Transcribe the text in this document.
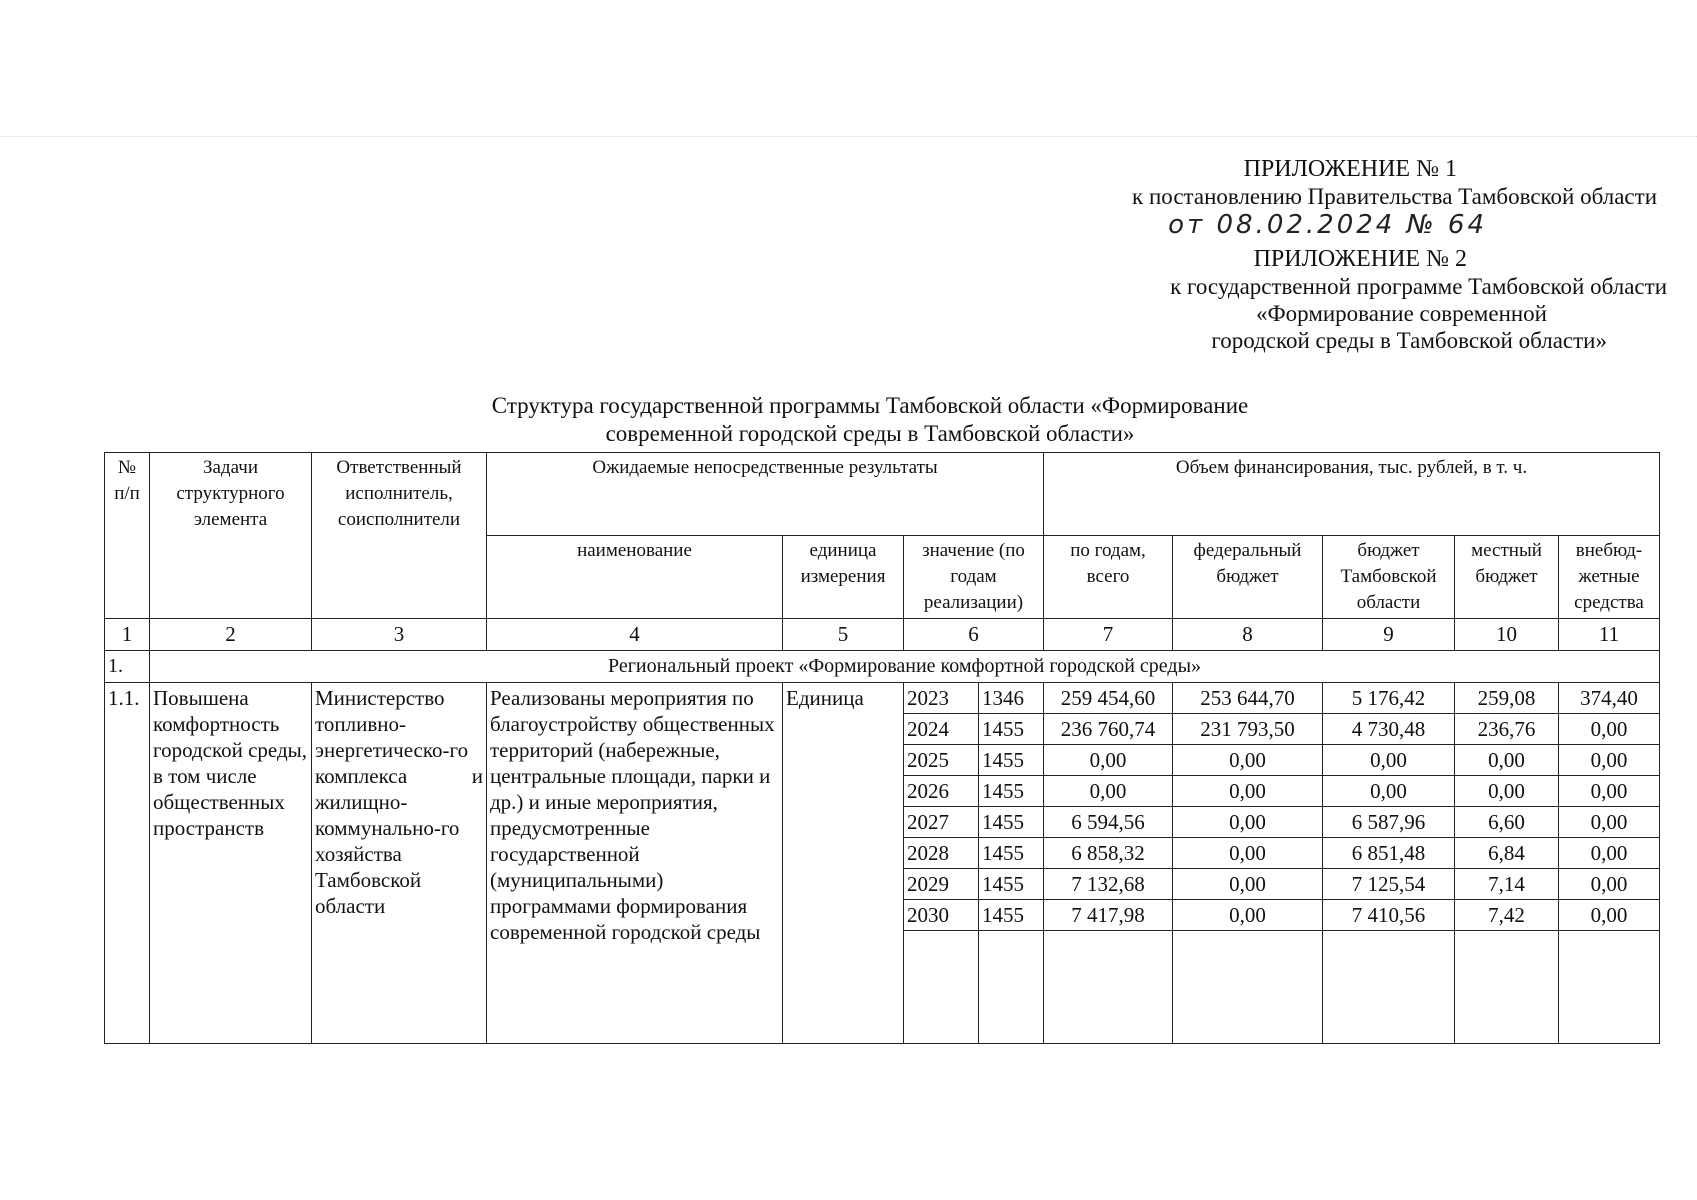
ПРИЛОЖЕНИЕ № 1
к постановлению Правительства Тамбовской области
от 08.02.2024 № 64
ПРИЛОЖЕНИЕ № 2
к государственной программе Тамбовской области
«Формирование современной
городской среды в Тамбовской области»
Структура государственной программы Тамбовской области «Формирование
современной городской среды в Тамбовской области»
№ п/п	Задачи структурного элемента	Ответственный исполнитель, соисполнители	Ожидаемые непосредственные результаты				Объем финансирования, тыс. рублей, в т. ч.				
			наименование	единица измерения	значение (по годам реализации)		по годам, всего	федеральный бюджет	бюджет Тамбовской области	местный бюджет	внебюд-жетные средства
1	2	3	4	5	6		7	8	9	10	11
1.	Региональный проект «Формирование комфортной городской среды»										
1.1.	Повышена комфортность городской среды, в том числе общественных пространств	Министерство топливно-энергетическо-го комплекса и жилищно-коммунально-го хозяйства Тамбовской области	Реализованы мероприятия по благоустройству общественных территорий (набережные, центральные площади, парки и др.) и иные мероприятия, предусмотренные государственной (муниципальными) программами формирования современной городской среды	Единица	2023	1346	259 454,60	253 644,70	5 176,42	259,08	374,40
					2024	1455	236 760,74	231 793,50	4 730,48	236,76	0,00
					2025	1455	0,00	0,00	0,00	0,00	0,00
					2026	1455	0,00	0,00	0,00	0,00	0,00
					2027	1455	6 594,56	0,00	6 587,96	6,60	0,00
					2028	1455	6 858,32	0,00	6 851,48	6,84	0,00
					2029	1455	7 132,68	0,00	7 125,54	7,14	0,00
					2030	1455	7 417,98	0,00	7 410,56	7,42	0,00
